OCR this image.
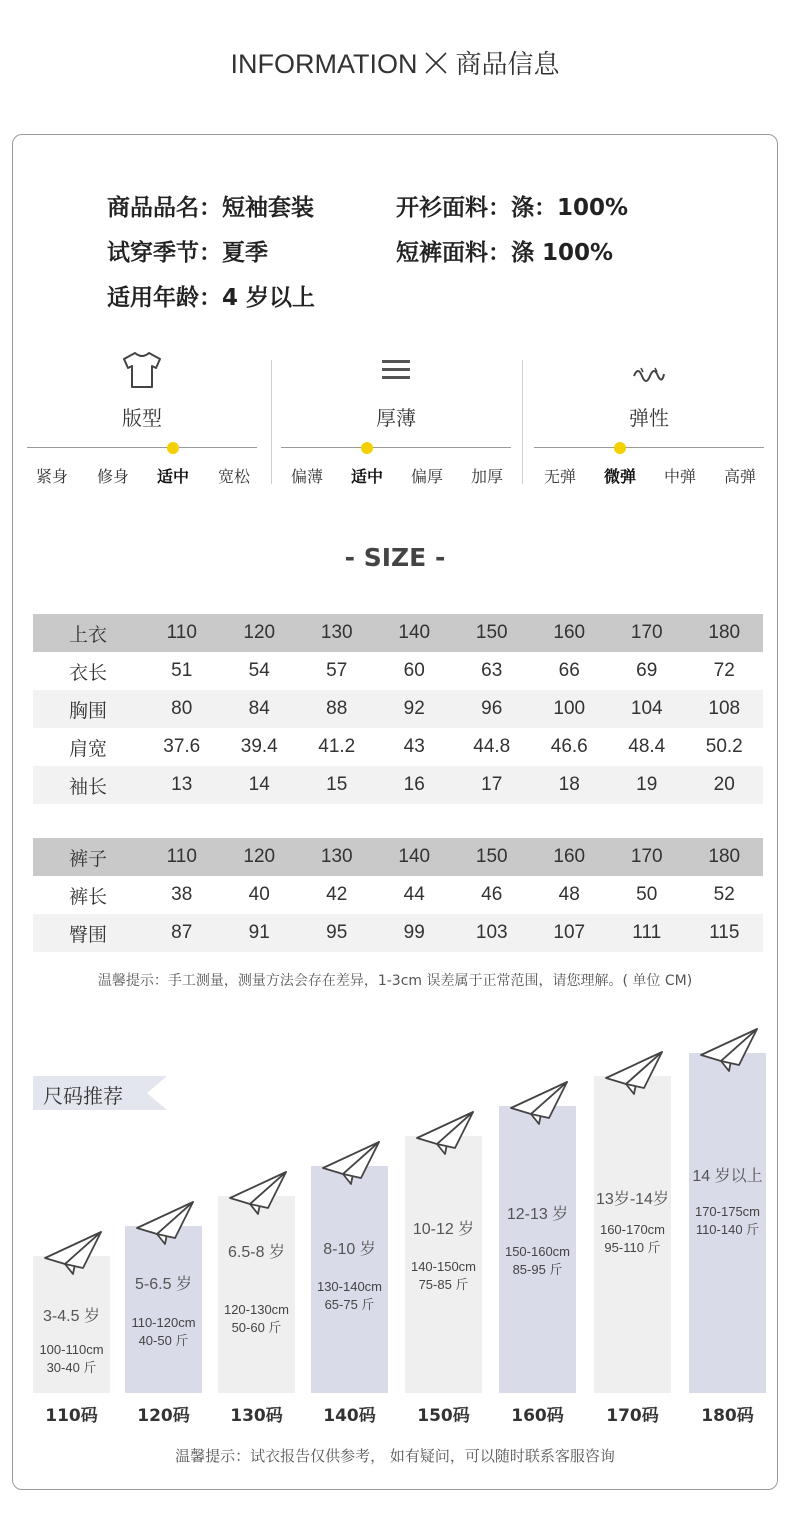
INFORMATION 商品信息
商品品名：短袖套装
试穿季节：夏季
适用年龄：4 岁以上
开衫面料：涤：100%
短裤面料：涤 100%
版型
紧身	修身	适中	宽松
厚薄
偏薄	适中	偏厚	加厚
弹性
无弹	微弹	中弹	高弹
- SIZE -
上衣	110	120	130	140	150	160	170	180
衣长	51	54	57	60	63	66	69	72
胸围	80	84	88	92	96	100	104	108
肩宽	37.6	39.4	41.2	43	44.8	46.6	48.4	50.2
袖长	13	14	15	16	17	18	19	20
裤子	110	120	130	140	150	160	170	180
裤长	38	40	42	44	46	48	50	52
臀围	87	91	95	99	103	107	111	115
温馨提示：手工测量，测量方法会存在差异，1-3cm 误差属于正常范围，请您理解。( 单位 CM)
尺码推荐
3-4.5 岁
100-110cm
30-40 斤
110码
5-6.5 岁
110-120cm
40-50 斤
120码
6.5-8 岁
120-130cm
50-60 斤
130码
8-10 岁
130-140cm
65-75 斤
140码
10-12 岁
140-150cm
75-85 斤
150码
12-13 岁
150-160cm
85-95 斤
160码
13岁-14岁
160-170cm
95-110 斤
170码
14 岁以上
170-175cm
110-140 斤
180码
温馨提示：试衣报告仅供参考， 如有疑问，可以随时联系客服咨询
